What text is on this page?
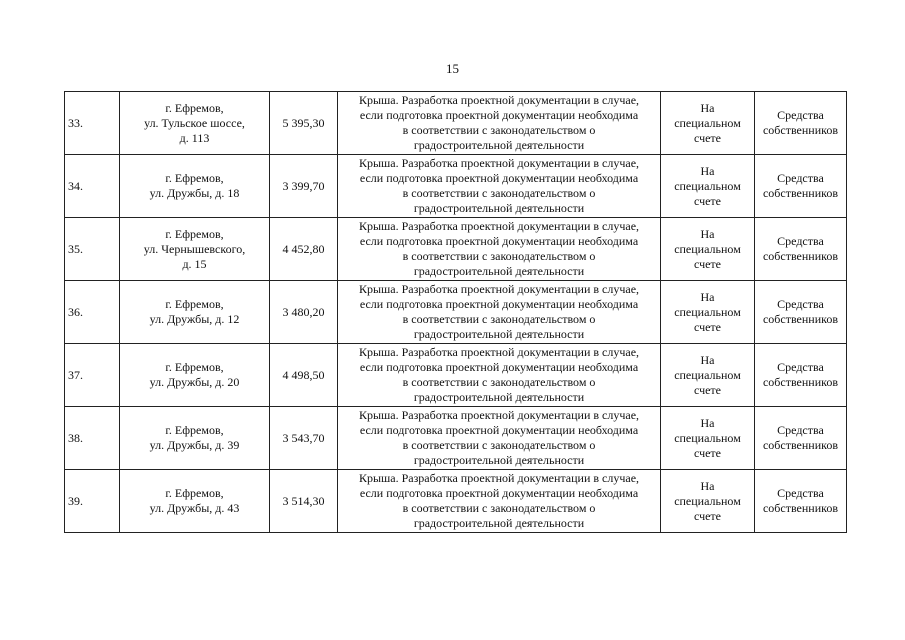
15
33.	г. Ефремов,
ул. Тульское шоссе,
д. 113	5 395,30	Крыша. Разработка проектной документации в случае,
если подготовка проектной документации необходима
в соответствии с законодательством о
градостроительной деятельности	На
специальном
счете	Средства
собственников

34.	г. Ефремов,
ул. Дружбы, д. 18	3 399,70	Крыша. Разработка проектной документации в случае,
если подготовка проектной документации необходима
в соответствии с законодательством о
градостроительной деятельности	На
специальном
счете	Средства
собственников

35.	г. Ефремов,
ул. Чернышевского,
д. 15	4 452,80	Крыша. Разработка проектной документации в случае,
если подготовка проектной документации необходима
в соответствии с законодательством о
градостроительной деятельности	На
специальном
счете	Средства
собственников

36.	г. Ефремов,
ул. Дружбы, д. 12	3 480,20	Крыша. Разработка проектной документации в случае,
если подготовка проектной документации необходима
в соответствии с законодательством о
градостроительной деятельности	На
специальном
счете	Средства
собственников

37.	г. Ефремов,
ул. Дружбы, д. 20	4 498,50	Крыша. Разработка проектной документации в случае,
если подготовка проектной документации необходима
в соответствии с законодательством о
градостроительной деятельности	На
специальном
счете	Средства
собственников

38.	г. Ефремов,
ул. Дружбы, д. 39	3 543,70	Крыша. Разработка проектной документации в случае,
если подготовка проектной документации необходима
в соответствии с законодательством о
градостроительной деятельности	На
специальном
счете	Средства
собственников

39.	г. Ефремов,
ул. Дружбы, д. 43	3 514,30	Крыша. Разработка проектной документации в случае,
если подготовка проектной документации необходима
в соответствии с законодательством о
градостроительной деятельности	На
специальном
счете	Средства
собственников
